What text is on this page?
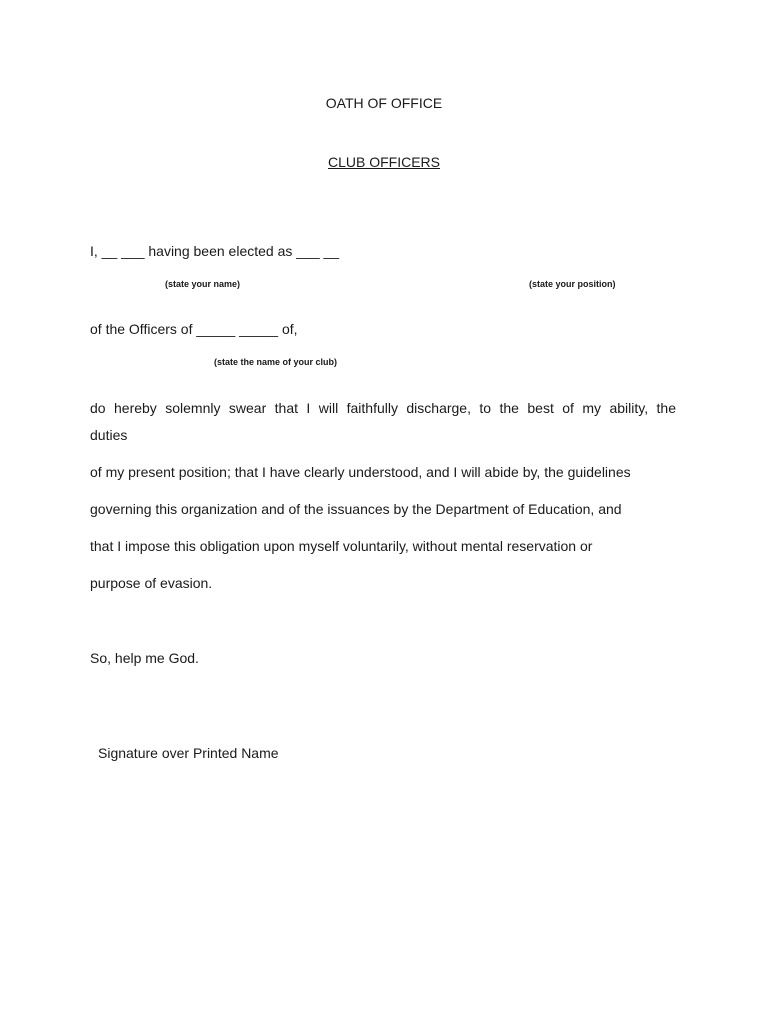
OATH OF OFFICE
CLUB OFFICERS
I, __ ___ having been elected as ___ __
(state your name)	(state your position)
of the Officers of _____ _____ of,
(state the name of your club)
do hereby solemnly swear that I will faithfully discharge, to the best of my ability, the
duties
of my present position; that I have clearly understood, and I will abide by, the guidelines
governing this organization and of the issuances by the Department of Education, and
that I impose this obligation upon myself voluntarily, without mental reservation or
purpose of evasion.
So, help me God.
Signature over Printed Name
